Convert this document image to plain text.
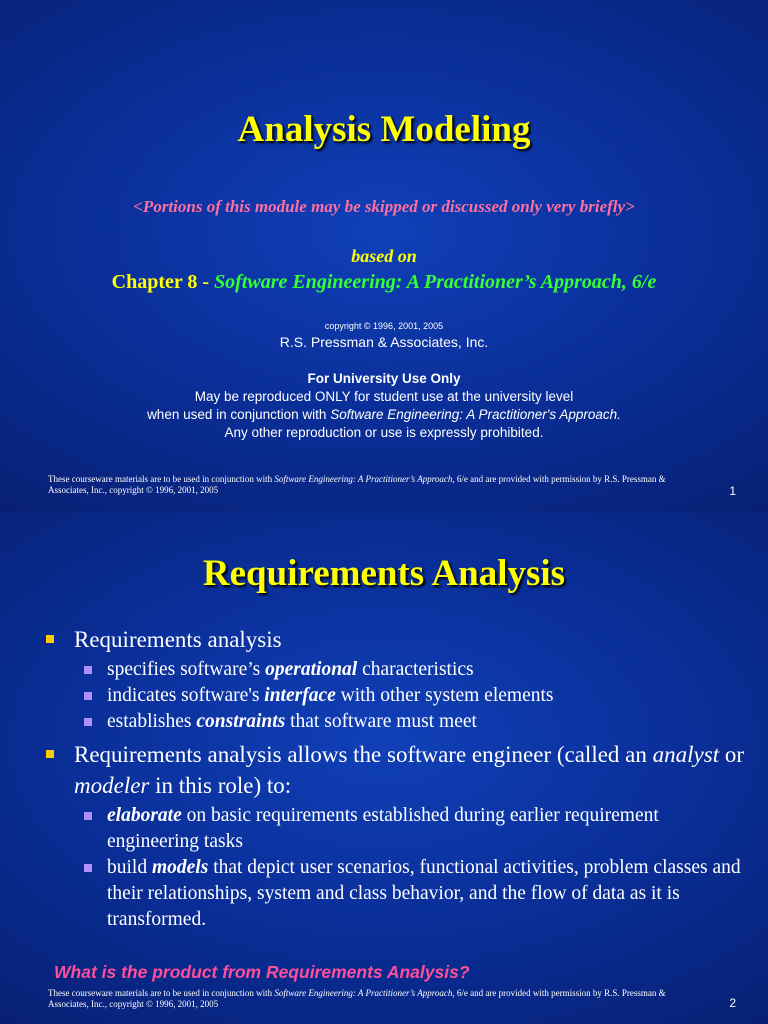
Analysis Modeling
<Portions of this module may be skipped or discussed only very briefly>
based on
Chapter 8 - Software Engineering: A Practitioner’s Approach, 6/e
copyright © 1996, 2001, 2005
R.S. Pressman & Associates, Inc.
For University Use Only
May be reproduced ONLY for student use at the university level
when used in conjunction with Software Engineering: A Practitioner's Approach.
Any other reproduction or use is expressly prohibited.
These courseware materials are to be used in conjunction with Software Engineering: A Practitioner’s Approach, 6/e and are provided with permission by R.S. Pressman & Associates, Inc., copyright © 1996, 2001, 2005	1
Requirements Analysis
Requirements analysis
specifies software’s operational characteristics
indicates software's interface with other system elements
establishes constraints that software must meet
Requirements analysis allows the software engineer (called an analyst or modeler in this role) to:
elaborate on basic requirements established during earlier requirement engineering tasks
build models that depict user scenarios, functional activities, problem classes and their relationships, system and class behavior, and the flow of data as it is transformed.
What is the product from Requirements Analysis?
These courseware materials are to be used in conjunction with Software Engineering: A Practitioner’s Approach, 6/e and are provided with permission by R.S. Pressman & Associates, Inc., copyright © 1996, 2001, 2005	2
